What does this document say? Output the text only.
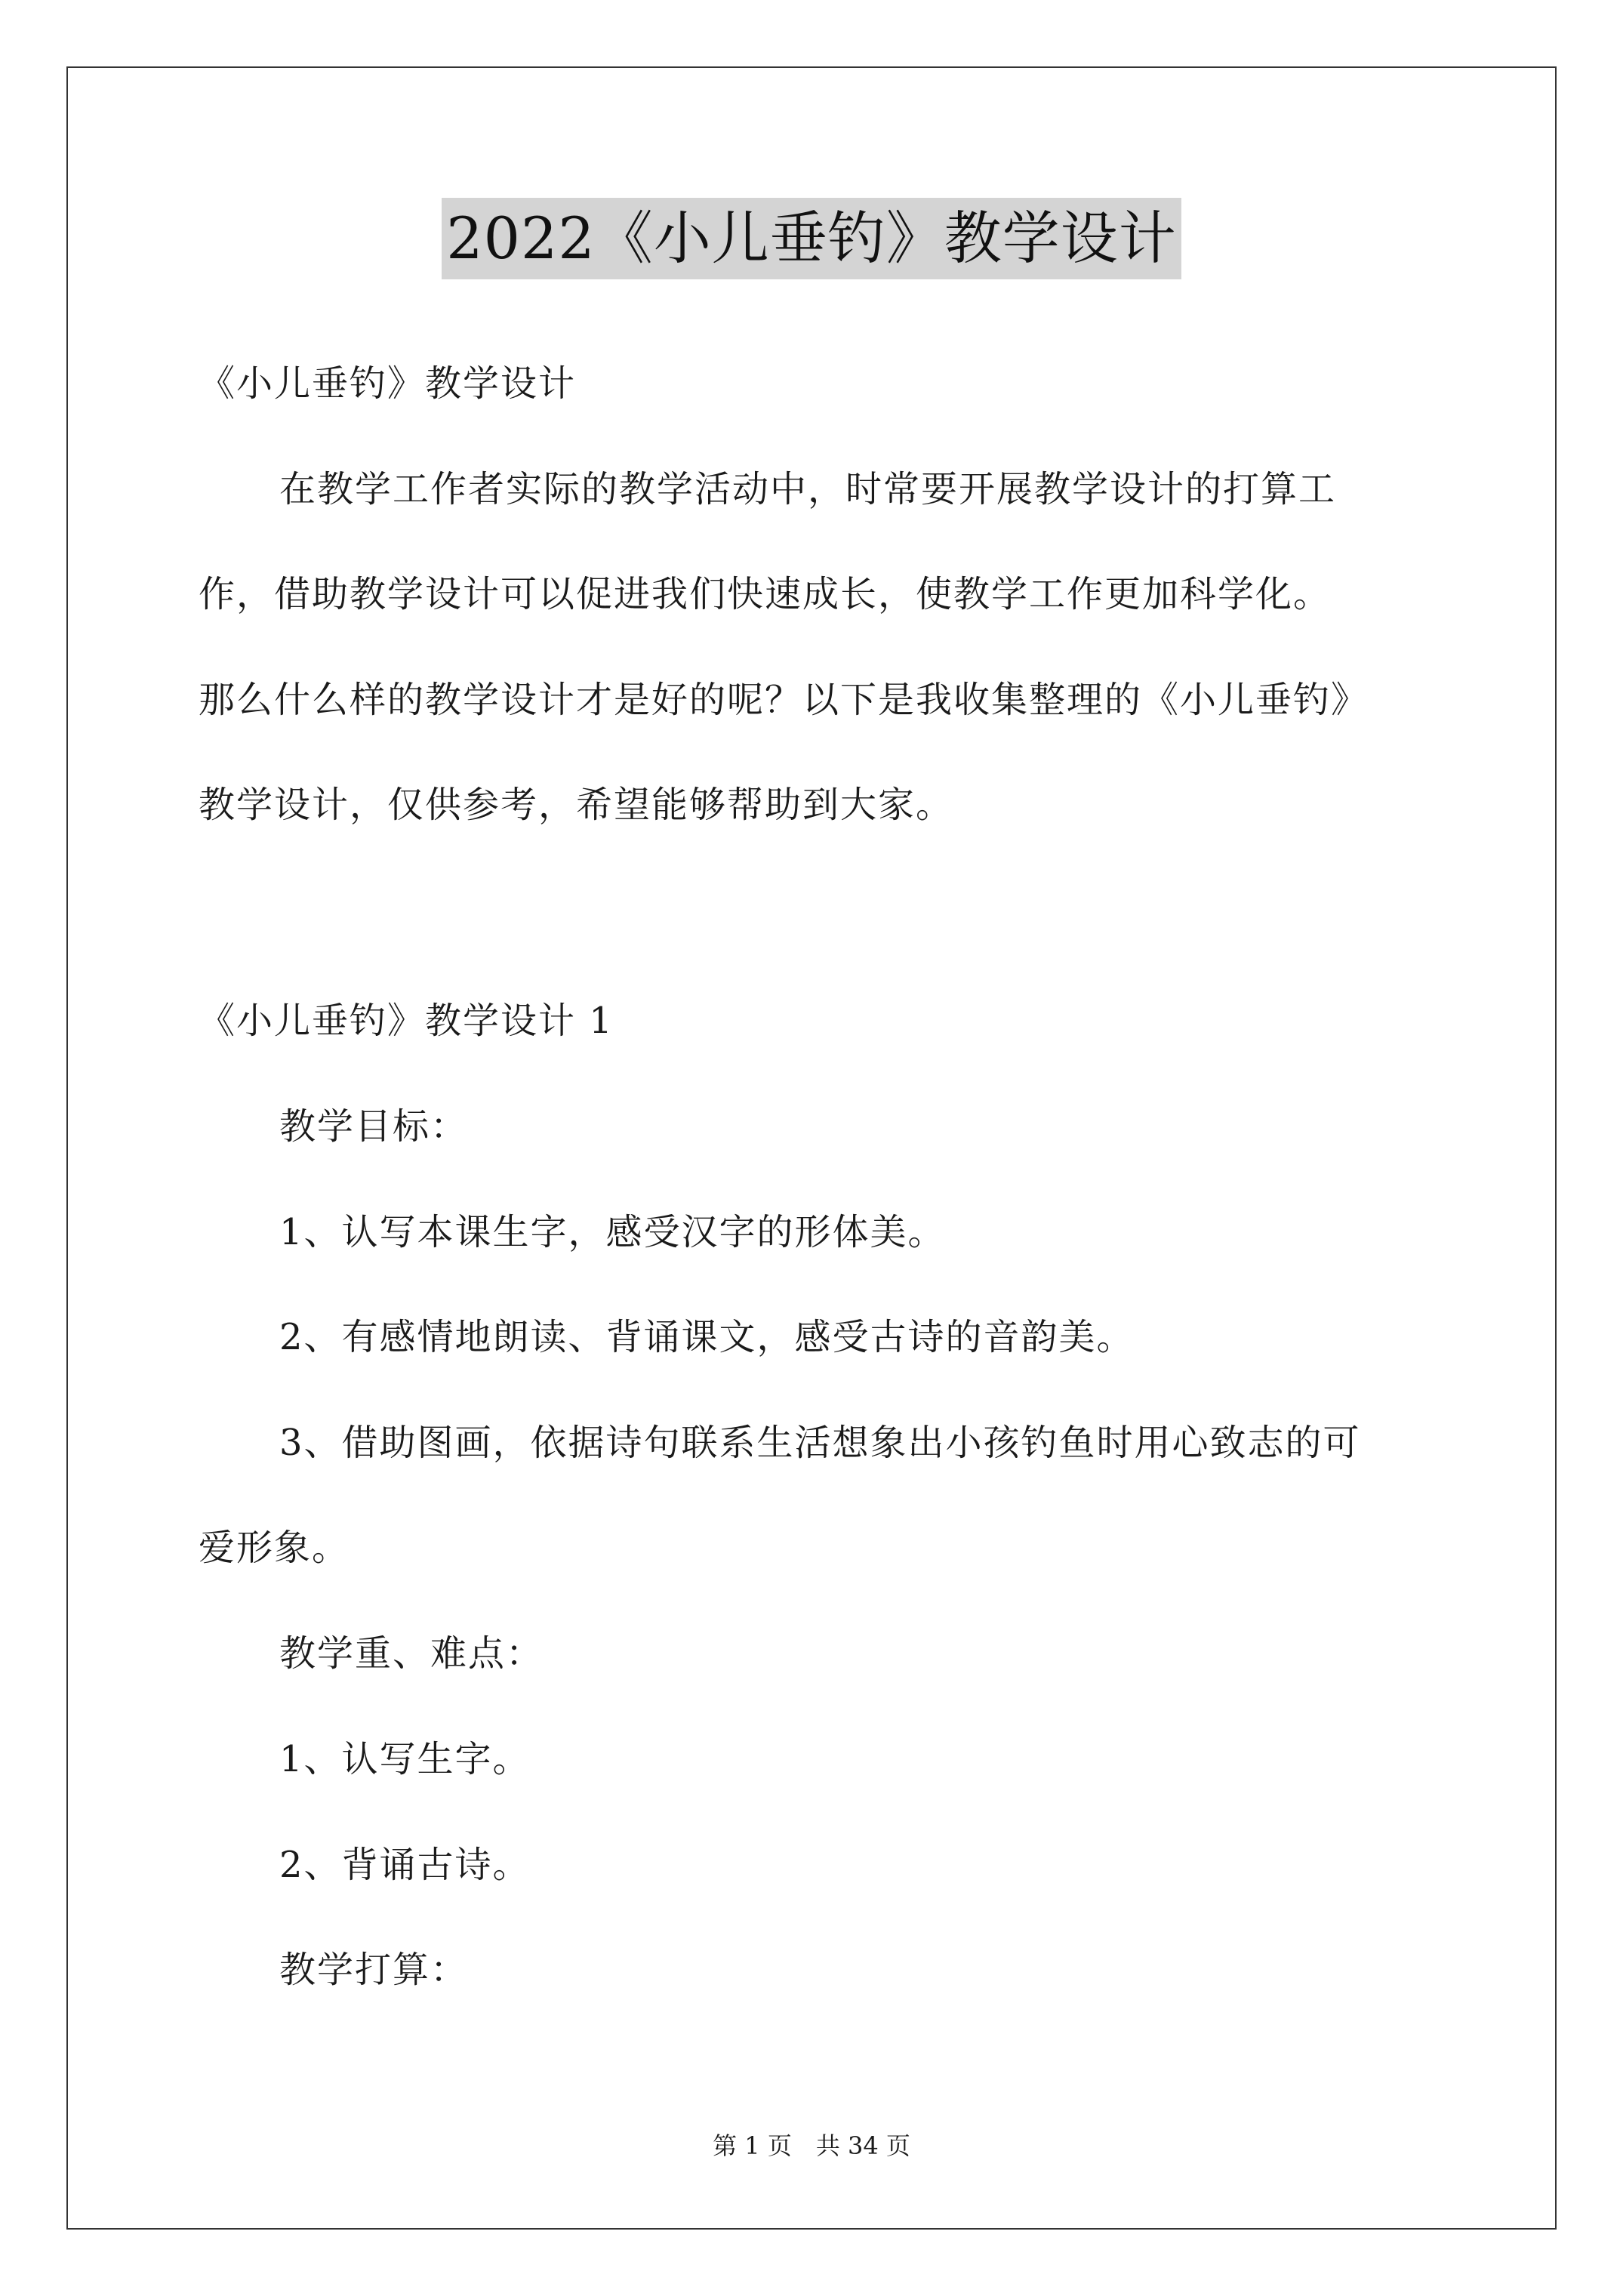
2022《小儿垂钓》教学设计
《小儿垂钓》教学设计
在教学工作者实际的教学活动中，时常要开展教学设计的打算工
作，借助教学设计可以促进我们快速成长，使教学工作更加科学化。
那么什么样的教学设计才是好的呢？以下是我收集整理的《小儿垂钓》
教学设计，仅供参考，希望能够帮助到大家。
《小儿垂钓》教学设计 1
教学目标：
1、认写本课生字，感受汉字的形体美。
2、有感情地朗读、背诵课文，感受古诗的音韵美。
3、借助图画，依据诗句联系生活想象出小孩钓鱼时用心致志的可
爱形象。
教学重、难点：
1、认写生字。
2、背诵古诗。
教学打算：
第 1 页　共 34 页
